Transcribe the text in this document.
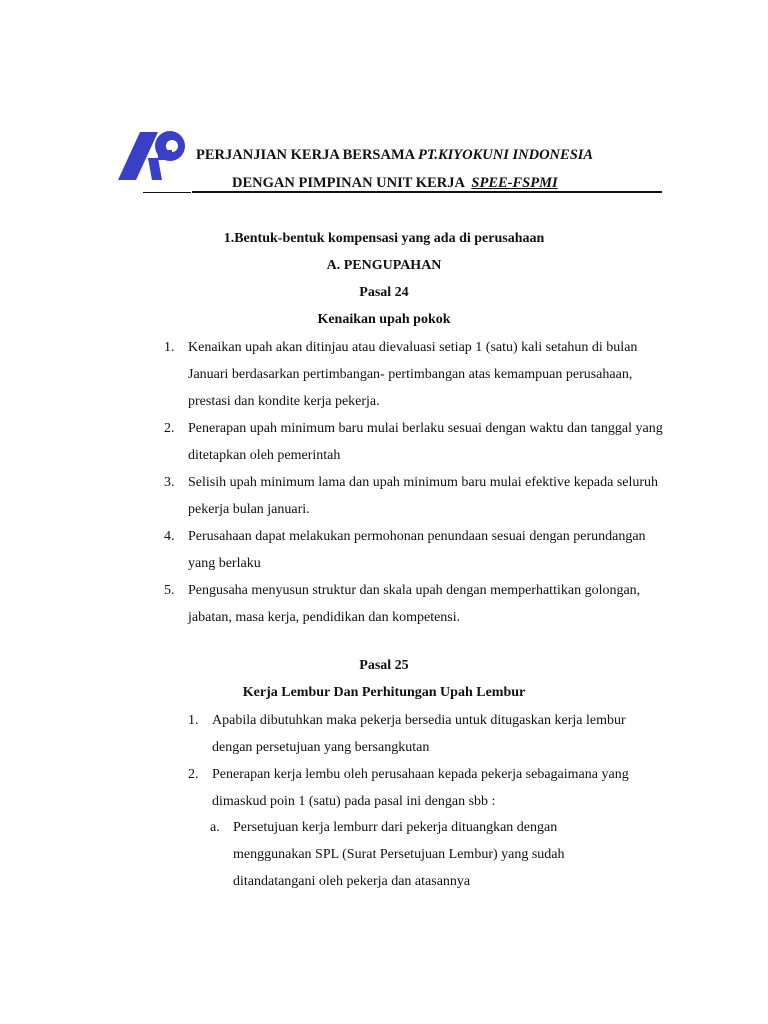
PERJANJIAN KERJA BERSAMA PT.KIYOKUNI INDONESIA
DENGAN PIMPINAN UNIT KERJA  SPEE-FSPMI
1.Bentuk-bentuk kompensasi yang ada di perusahaan
A. PENGUPAHAN
Pasal 24
Kenaikan upah pokok
1. Kenaikan upah akan ditinjau atau dievaluasi setiap 1 (satu) kali setahun di bulan Januari berdasarkan pertimbangan- pertimbangan atas kemampuan perusahaan, prestasi dan kondite kerja pekerja.
2. Penerapan upah minimum baru mulai berlaku sesuai dengan waktu dan tanggal yang ditetapkan oleh pemerintah
3. Selisih upah minimum lama dan upah minimum baru mulai efektive kepada seluruh pekerja bulan januari.
4. Perusahaan dapat melakukan permohonan penundaan sesuai dengan perundangan yang berlaku
5. Pengusaha menyusun struktur dan skala upah dengan memperhattikan golongan, jabatan, masa kerja, pendidikan dan kompetensi.
Pasal 25
Kerja Lembur Dan Perhitungan Upah Lembur
1. Apabila dibutuhkan maka pekerja bersedia untuk ditugaskan kerja lembur dengan persetujuan yang bersangkutan
2. Penerapan kerja lembu oleh perusahaan kepada pekerja sebagaimana yang dimaskud poin 1 (satu) pada pasal ini dengan sbb :
a. Persetujuan kerja lemburr dari pekerja dituangkan dengan menggunakan SPL (Surat Persetujuan Lembur) yang sudah ditandatangani oleh pekerja dan atasannya
